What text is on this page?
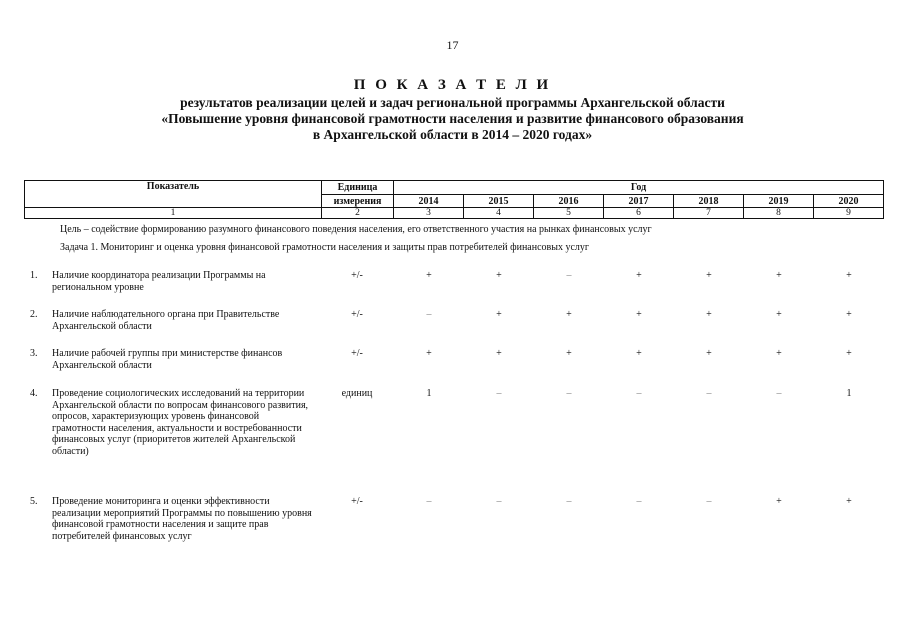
17
П О К А З А Т Е Л И
результатов реализации целей и задач региональной программы Архангельской области
«Повышение уровня финансовой грамотности населения и развитие финансового образования
в Архангельской области в 2014 – 2020 годах»
Показатель	Единица	Год						
	измерения	2014	2015	2016	2017	2018	2019	2020
1	2	3	4	5	6	7	8	9
Цель – содействие формированию разумного финансового поведения населения, его ответственного участия на рынках финансовых услуг
Задача 1. Мониторинг и оценка уровня финансовой грамотности населения и защиты прав потребителей финансовых услуг
1. Наличие координатора реализации Программы на региональном уровне
+/-	+	+	–	+	+	+	+
2. Наличие наблюдательного органа при Правительстве Архангельской области
+/-	–	+	+	+	+	+	+
3. Наличие рабочей группы при министерстве финансов Архангельской области
+/-	+	+	+	+	+	+	+
4. Проведение социологических исследований на территории Архангельской области по вопросам финансового развития, опросов, характеризующих уровень финансовой грамотности населения, актуальности и востребованности финансовых услуг (приоритетов жителей Архангельской области)
единиц	1	–	–	–	–	–	1
5. Проведение мониторинга и оценки эффективности реализации мероприятий Программы по повышению уровня финансовой грамотности населения и защите прав потребителей финансовых услуг
+/-	–	–	–	–	–	+	+
